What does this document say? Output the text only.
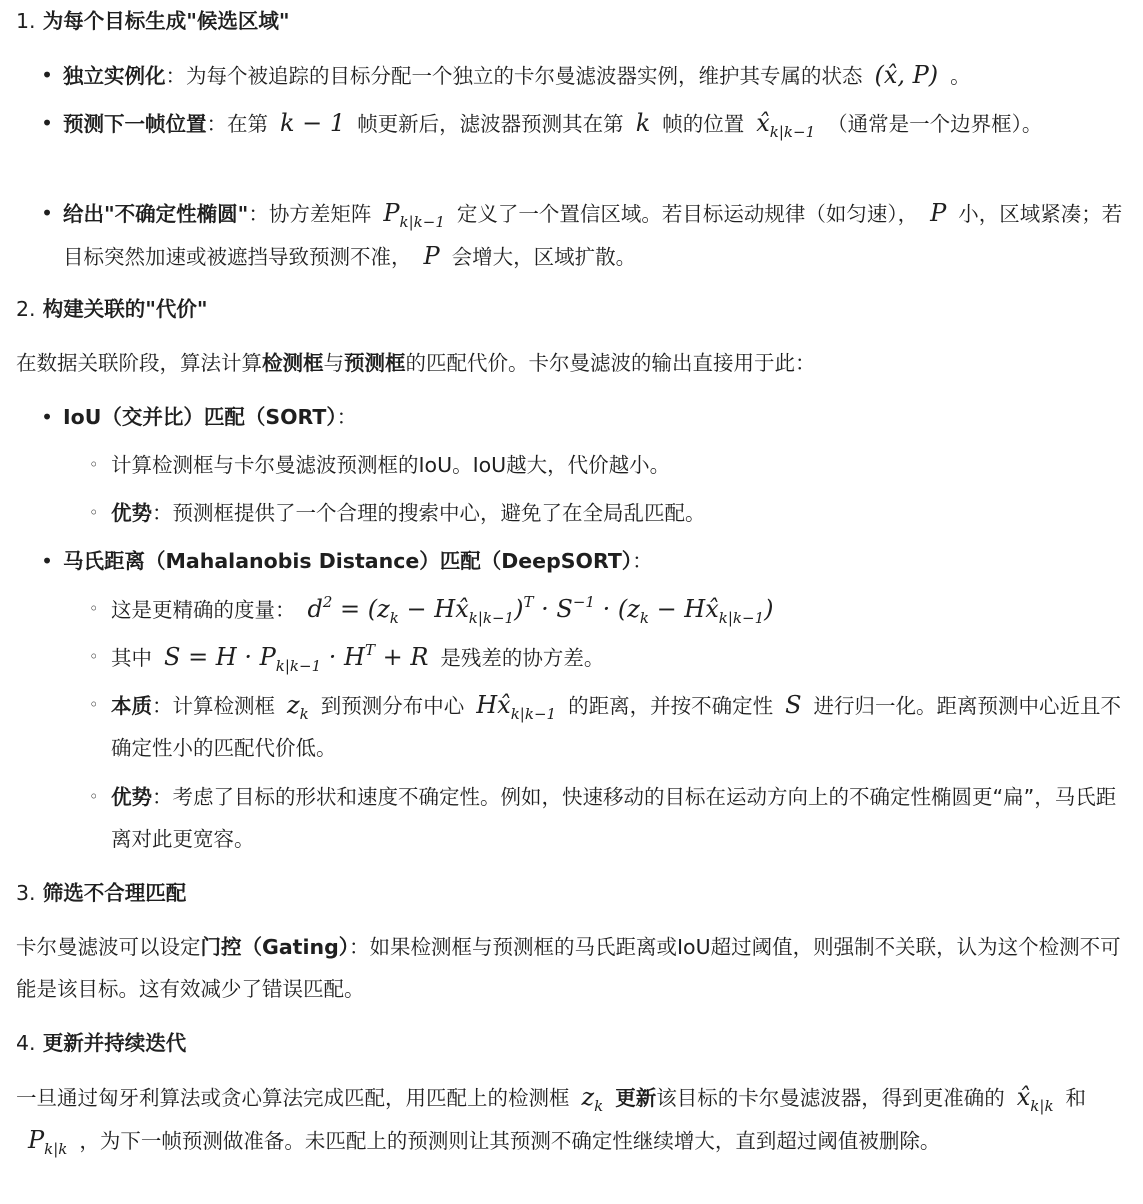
1. 为每个目标生成"候选区域"
• 独立实例化：为每个被追踪的目标分配一个独立的卡尔曼滤波器实例，维护其专属的状态 (x̂, P) 。
• 预测下一帧位置：在第 k − 1 帧更新后，滤波器预测其在第 k 帧的位置 $x̂_{k|k-1}$ （通常是一个边界框）。
• 给出"不确定性椭圆"：协方差矩阵 $P_{k|k-1}$ 定义了一个置信区域。若目标运动规律（如匀速）， P 小，区域紧凑；若目标突然加速或被遮挡导致预测不准， P 会增大，区域扩散。
2. 构建关联的"代价"
在数据关联阶段，算法计算检测框与预测框的匹配代价。卡尔曼滤波的输出直接用于此：
• IoU（交并比）匹配（SORT）：
◦ 计算检测框与卡尔曼滤波预测框的IoU。IoU越大，代价越小。
◦ 优势：预测框提供了一个合理的搜索中心，避免了在全局乱匹配。
• 马氏距离（Mahalanobis Distance）匹配（DeepSORT）：
◦ 这是更精确的度量： $d^2 = (z_k$ − $Hx̂_{k|k-1})^T \cdot S^{-1} \cdot (z_k$ − $Hx̂_{k|k-1}$)
◦ 其中 $S = H \cdot P_{k|k-1} \cdot H^T + R$ 是残差的协方差。
◦ 本质：计算检测框 $z_k$ 到预测分布中心 $Hx̂_{k|k-1}$ 的距离，并按不确定性 S 进行归一化。距离预测中心近且不确定性小的匹配代价低。
◦ 优势：考虑了目标的形状和速度不确定性。例如，快速移动的目标在运动方向上的不确定性椭圆更“扁”，马氏距离对此更宽容。
3. 筛选不合理匹配
卡尔曼滤波可以设定门控（Gating）：如果检测框与预测框的马氏距离或IoU超过阈值，则强制不关联，认为这个检测不可能是该目标。这有效减少了错误匹配。
4. 更新并持续迭代
一旦通过匈牙利算法或贪心算法完成匹配，用匹配上的检测框 $z_k$ 更新该目标的卡尔曼滤波器，得到更准确的 $x̂_{k|k}$ 和$P_{k|k}$ ，为下一帧预测做准备。未匹配上的预测则让其预测不确定性继续增大，直到超过阈值被删除。
